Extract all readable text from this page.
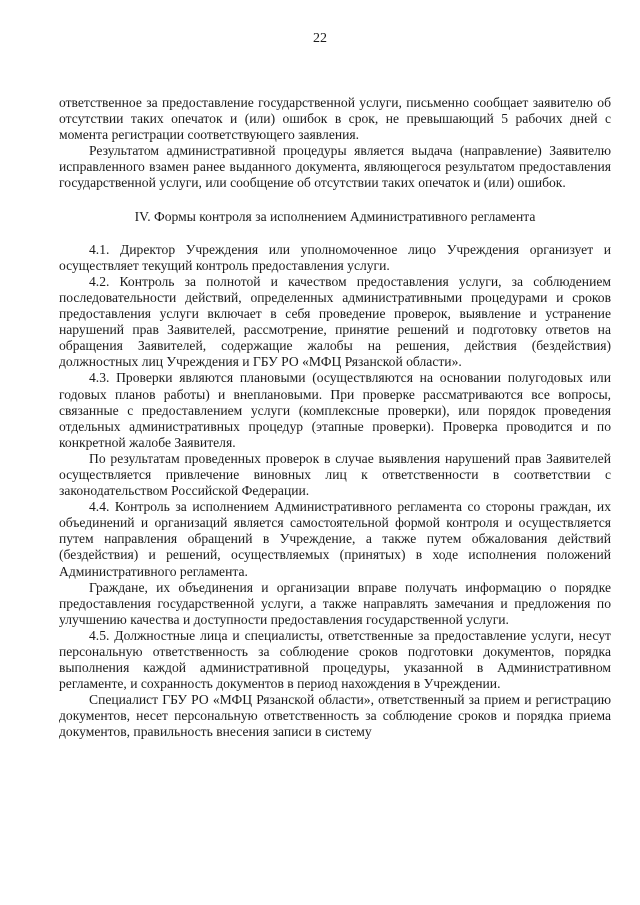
22

ответственное за предоставление государственной услуги, письменно сообщает заявителю об отсутствии таких опечаток и (или) ошибок в срок, не превышающий 5 рабочих дней с момента регистрации соответствующего заявления.

Результатом административной процедуры является выдача (направление) Заявителю исправленного взамен ранее выданного документа, являющегося результатом предоставления государственной услуги, или сообщение об отсутствии таких опечаток и (или) ошибок.

IV. Формы контроля за исполнением Административного регламента

4.1. Директор Учреждения или уполномоченное лицо Учреждения организует и осуществляет текущий контроль предоставления услуги.

4.2. Контроль за полнотой и качеством предоставления услуги, за соблюдением последовательности действий, определенных административными процедурами и сроков предоставления услуги включает в себя проведение проверок, выявление и устранение нарушений прав Заявителей, рассмотрение, принятие решений и подготовку ответов на обращения Заявителей, содержащие жалобы на решения, действия (бездействия) должностных лиц Учреждения и ГБУ РО «МФЦ Рязанской области».

4.3. Проверки являются плановыми (осуществляются на основании полугодовых или годовых планов работы) и внеплановыми. При проверке рассматриваются все вопросы, связанные с предоставлением услуги (комплексные проверки), или порядок проведения отдельных административных процедур (этапные проверки). Проверка проводится и по конкретной жалобе Заявителя.

По результатам проведенных проверок в случае выявления нарушений прав Заявителей осуществляется привлечение виновных лиц к ответственности в соответствии с законодательством Российской Федерации.

4.4. Контроль за исполнением Административного регламента со стороны граждан, их объединений и организаций является самостоятельной формой контроля и осуществляется путем направления обращений в Учреждение, а также путем обжалования действий (бездействия) и решений, осуществляемых (принятых) в ходе исполнения положений Административного регламента.

Граждане, их объединения и организации вправе получать информацию о порядке предоставления государственной услуги, а также направлять замечания и предложения по улучшению качества и доступности предоставления государственной услуги.

4.5. Должностные лица и специалисты, ответственные за предоставление услуги, несут персональную ответственность за соблюдение сроков подготовки документов, порядка выполнения каждой административной процедуры, указанной в Административном регламенте, и сохранность документов в период нахождения в Учреждении.

Специалист ГБУ РО «МФЦ Рязанской области», ответственный за прием и регистрацию документов, несет персональную ответственность за соблюдение сроков и порядка приема документов, правильность внесения записи в систему
